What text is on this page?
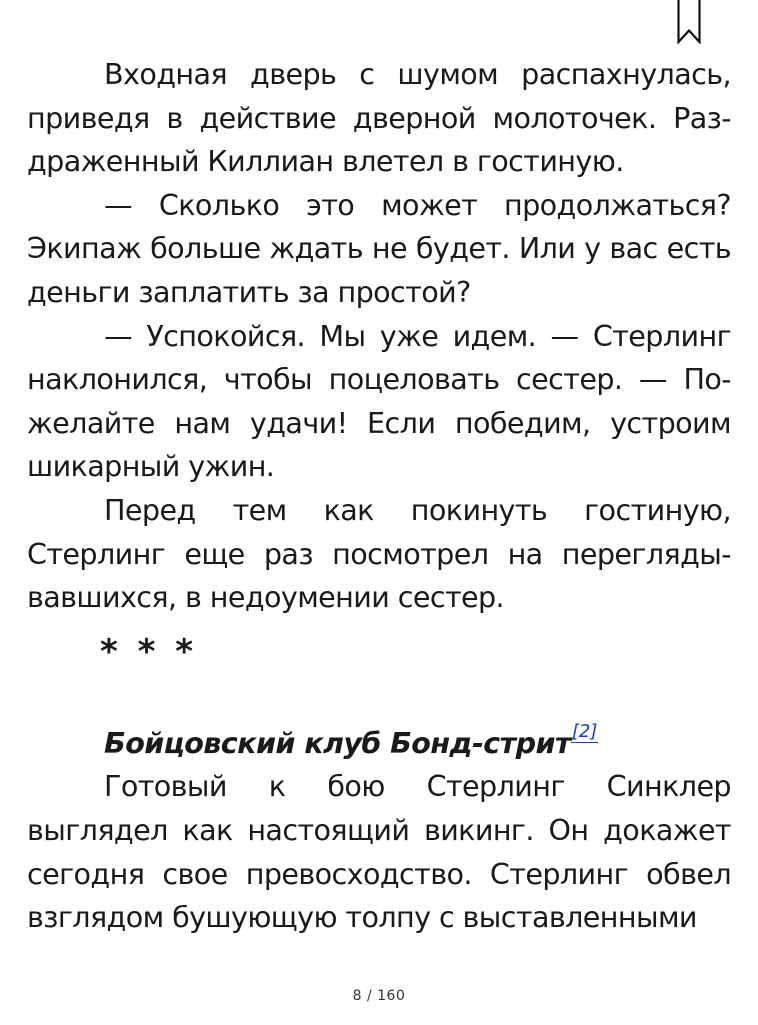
Входная дверь с шумом распахнулась, приведя в действие дверной молоточек. Раз-драженный Киллиан влетел в гостиную.

— Сколько это может продолжаться? Экипаж больше ждать не будет. Или у вас есть деньги заплатить за простой?

— Успокойся. Мы уже идем. — Стерлинг наклонился, чтобы поцеловать сестер. — По-желайте нам удачи! Если победим, устроим шикарный ужин.

Перед тем как покинуть гостиную, Стерлинг еще раз посмотрел на перегляды-вавшихся, в недоумении сестер.

* * *
Бойцовский клуб Бонд-стрит[2]

Готовый к бою Стерлинг Синклер выглядел как настоящий викинг. Он докажет сегодня свое превосходство. Стерлинг обвел взглядом бушующую толпу с выставленными

8 / 160
